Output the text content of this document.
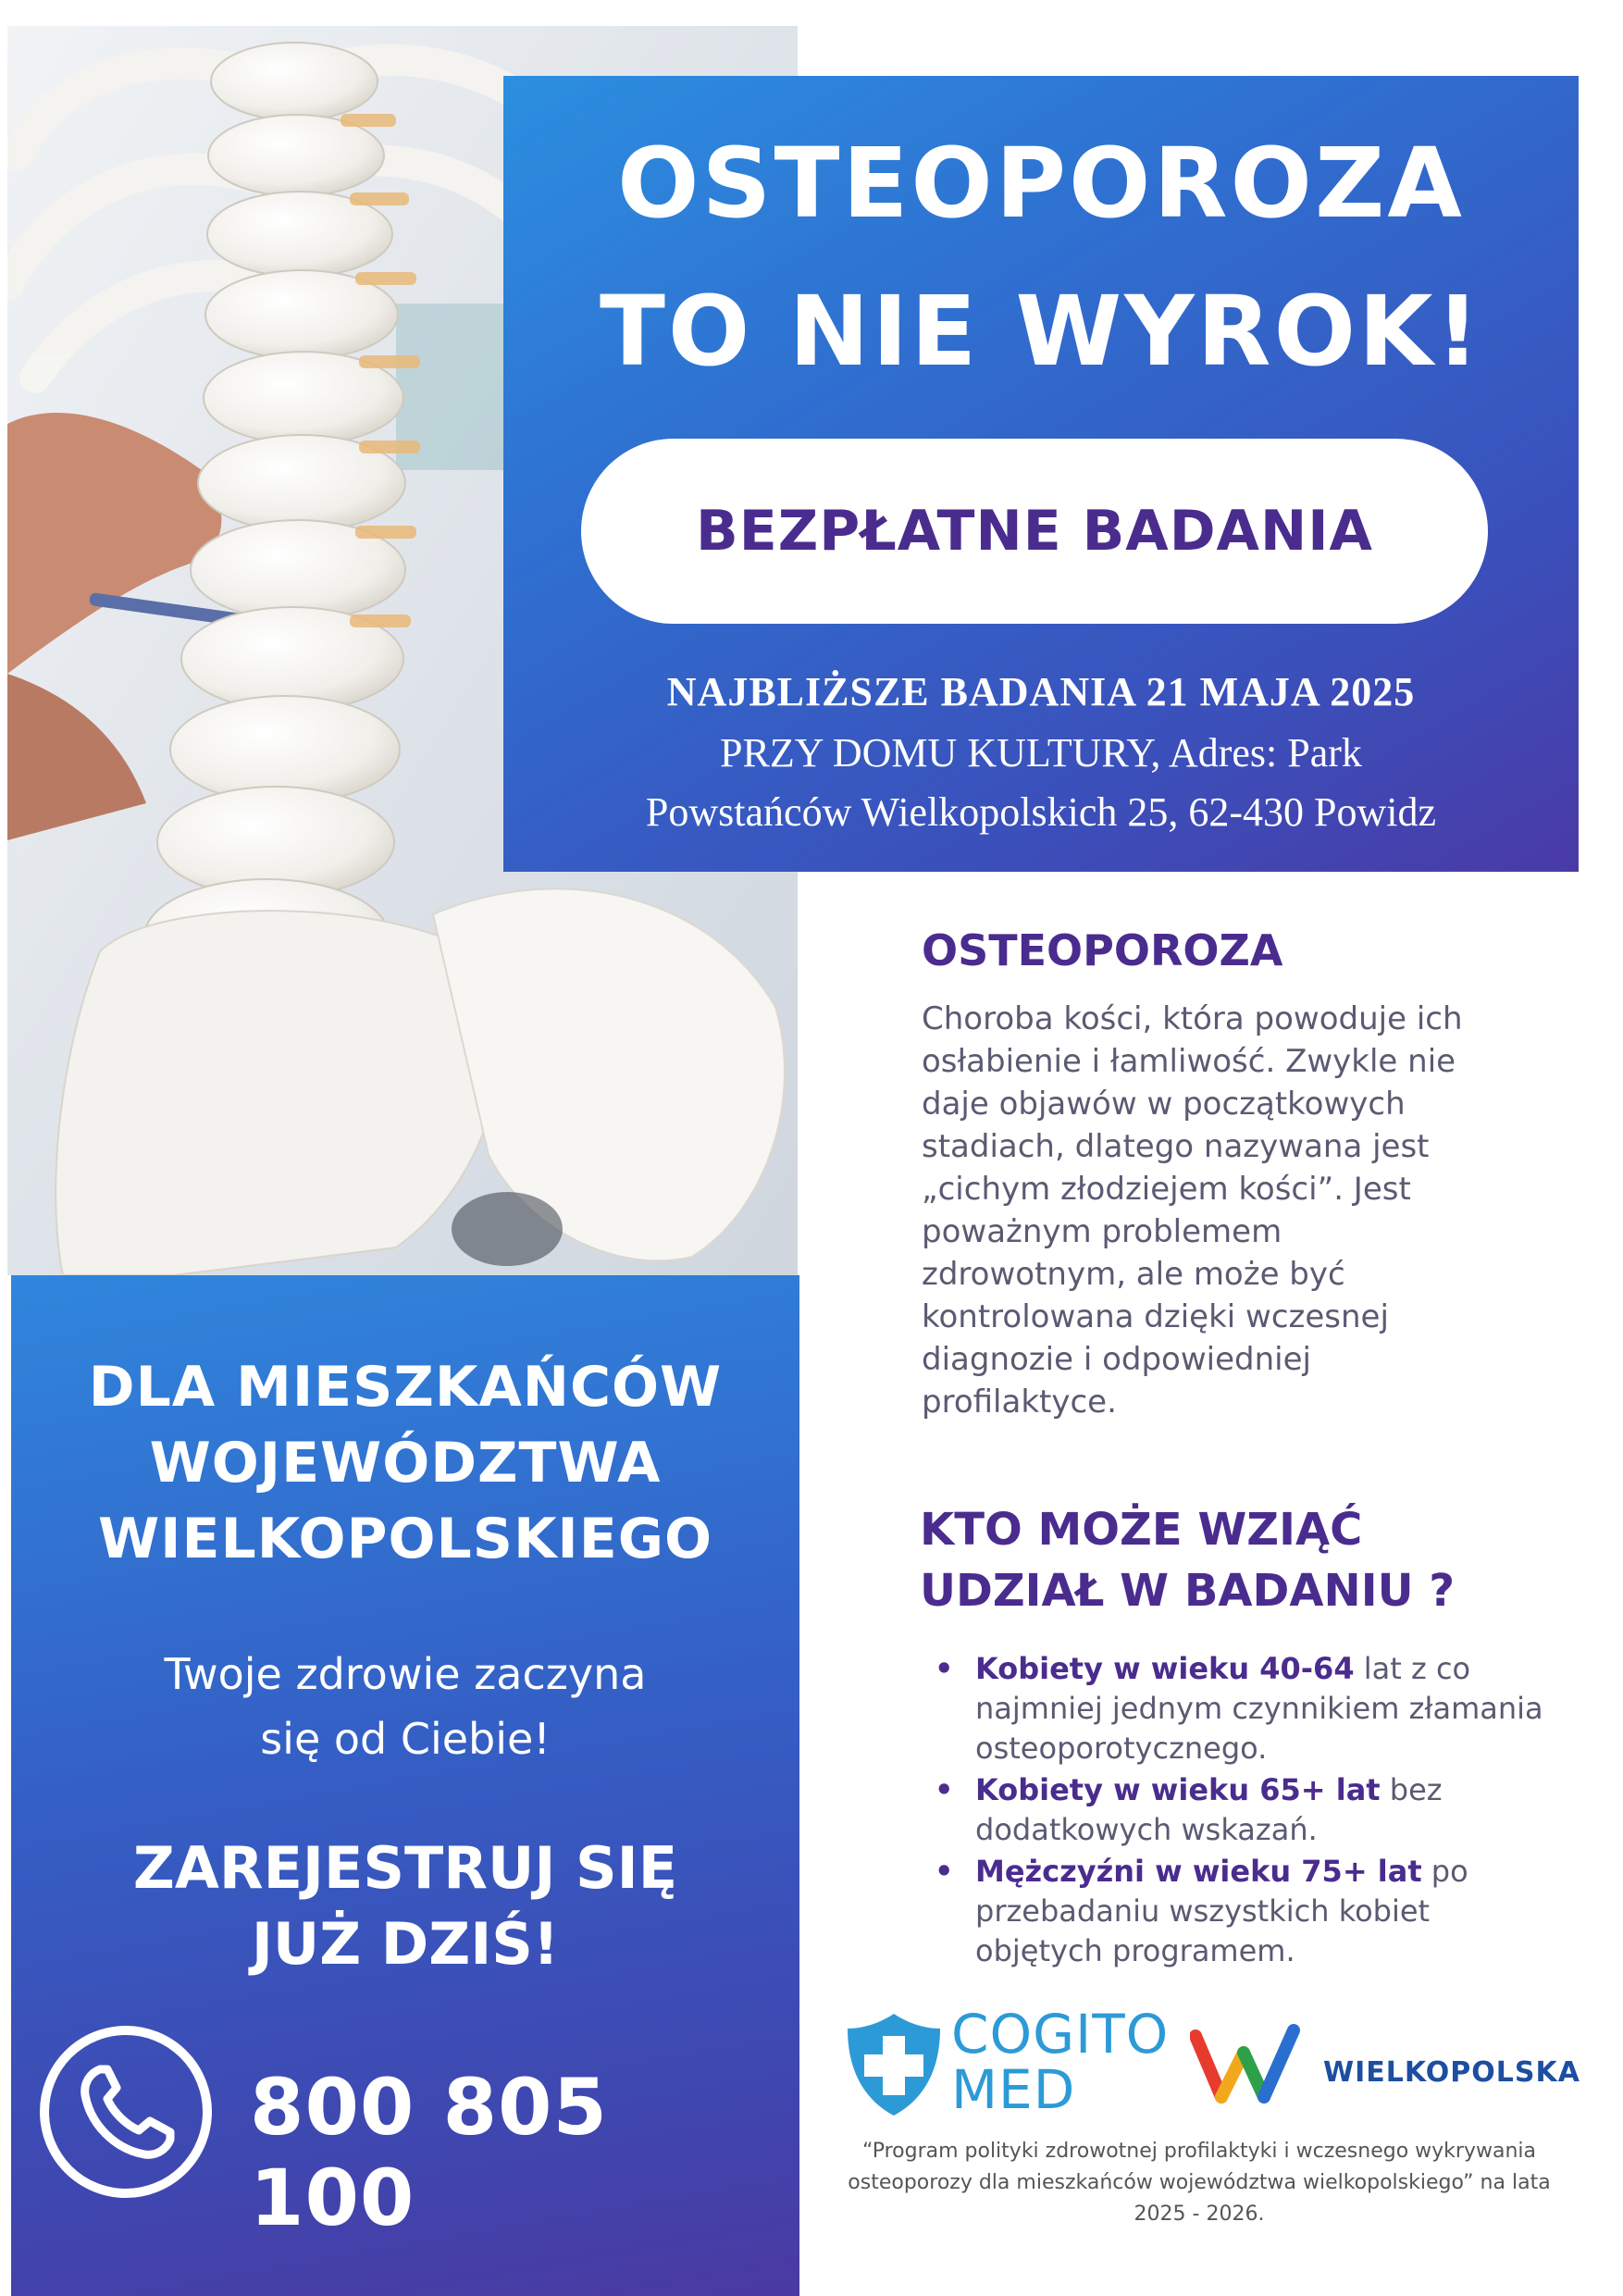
OSTEOPOROZA
TO NIE WYROK!
BEZPŁATNE BADANIA
NAJBLIŻSZE BADANIA 21 MAJA 2025
PRZY DOMU KULTURY, Adres: Park
Powstańców Wielkopolskich 25, 62-430 Powidz
OSTEOPOROZA
Choroba kości, która powoduje ich osłabienie i łamliwość. Zwykle nie daje objawów w początkowych stadiach, dlatego nazywana jest „cichym złodziejem kości”. Jest poważnym problemem zdrowotnym, ale może być kontrolowana dzięki wczesnej diagnozie i odpowiedniej profilaktyce.
KTO MOŻE WZIĄĆ
UDZIAŁ W BADANIU ?
• Kobiety w wieku 40-64 lat z co najmniej jednym czynnikiem złamania osteoporotycznego.
• Kobiety w wieku 65+ lat bez dodatkowych wskazań.
• Mężczyźni w wieku 75+ lat po przebadaniu wszystkich kobiet objętych programem.
DLA MIESZKAŃCÓW
WOJEWÓDZTWA
WIELKOPOLSKIEGO
Twoje zdrowie zaczyna
się od Ciebie!
ZAREJESTRUJ SIĘ
JUŻ DZIŚ!
800 805 100
COGITO
MED	WIELKOPOLSKA
“Program polityki zdrowotnej profilaktyki i wczesnego wykrywania osteoporozy dla mieszkańców województwa wielkopolskiego” na lata 2025 - 2026.
